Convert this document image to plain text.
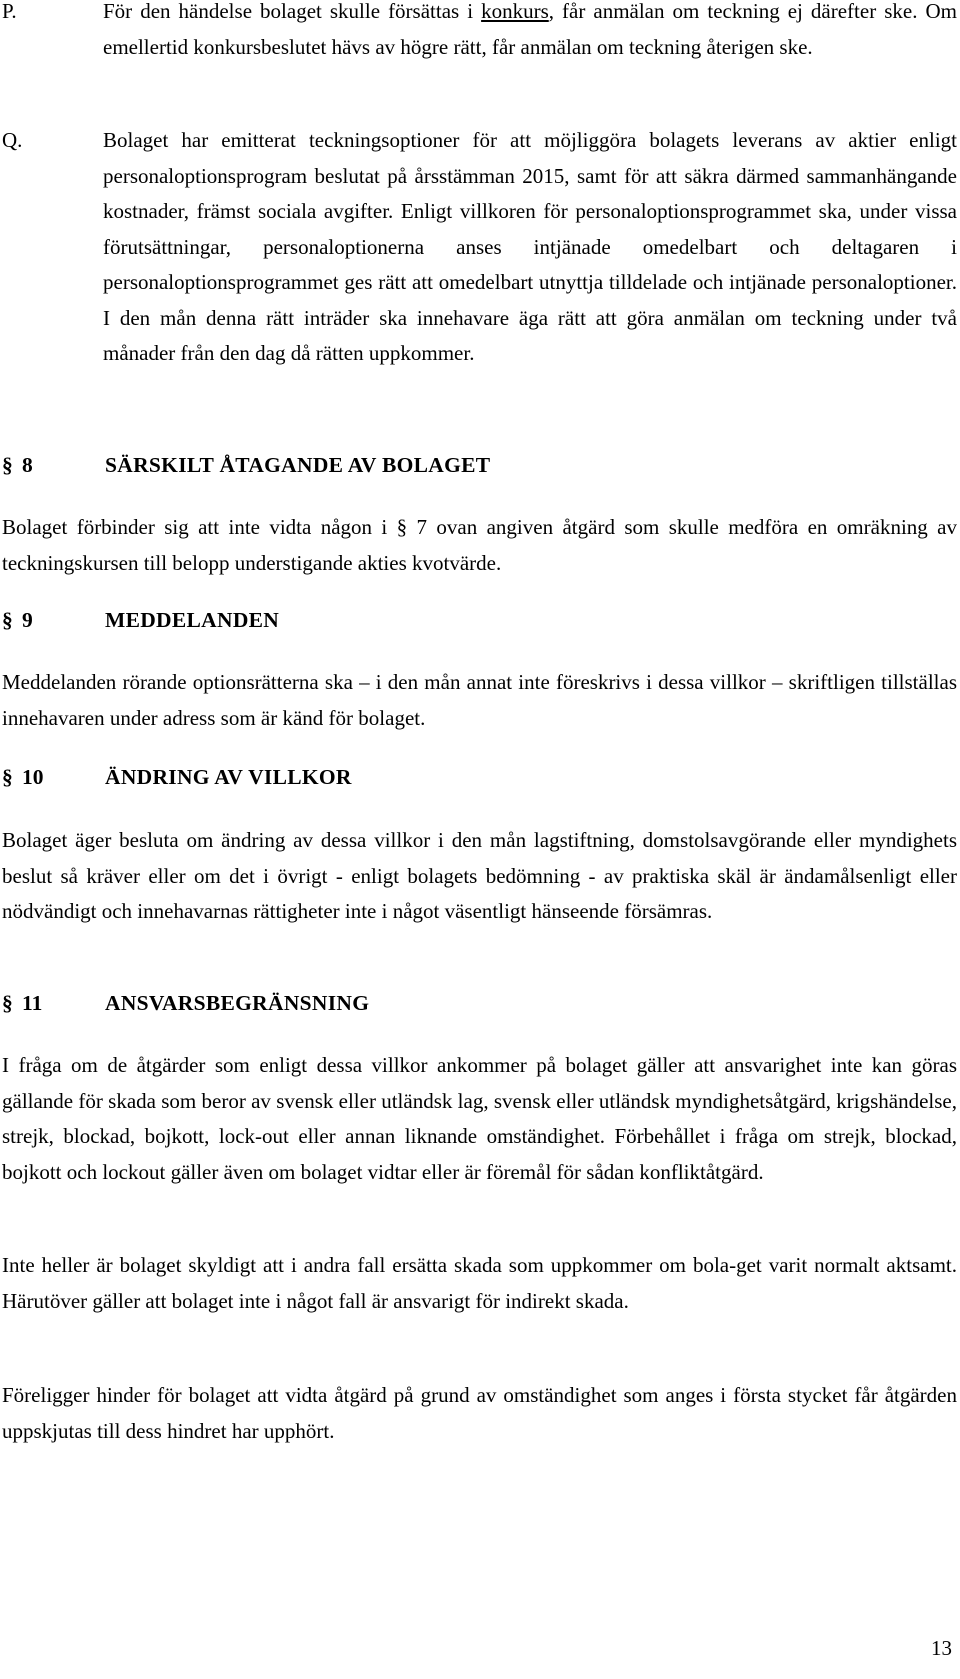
P.	För den händelse bolaget skulle försättas i konkurs, får anmälan om teckning ej därefter ske. Om emellertid konkursbeslutet hävs av högre rätt, får anmälan om teckning återigen ske.
Q.	Bolaget har emitterat teckningsoptioner för att möjliggöra bolagets leverans av aktier enligt personaloptionsprogram beslutat på årsstämman 2015, samt för att säkra därmed sammanhängande kostnader, främst sociala avgifter. Enligt villkoren för personaloptionsprogrammet ska, under vissa förutsättningar, personaloptionerna anses intjänade omedelbart och deltagaren i personaloptionsprogrammet ges rätt att omedelbart utnyttja tilldelade och intjänade personaloptioner. I den mån denna rätt inträder ska innehavare äga rätt att göra anmälan om teckning under två månader från den dag då rätten uppkommer.
§ 8	SÄRSKILT ÅTAGANDE AV BOLAGET
Bolaget förbinder sig att inte vidta någon i § 7 ovan angiven åtgärd som skulle medföra en omräkning av teckningskursen till belopp understigande akties kvotvärde.
§ 9	MEDDELANDEN
Meddelanden rörande optionsrätterna ska – i den mån annat inte föreskrivs i dessa villkor – skriftligen tillställas innehavaren under adress som är känd för bolaget.
§ 10	ÄNDRING AV VILLKOR
Bolaget äger besluta om ändring av dessa villkor i den mån lagstiftning, domstolsavgörande eller myndighets beslut så kräver eller om det i övrigt - enligt bolagets bedömning - av praktiska skäl är ändamålsenligt eller nödvändigt och innehavarnas rättigheter inte i något väsentligt hänseende försämras.
§ 11	ANSVARSBEGRÄNSNING
I fråga om de åtgärder som enligt dessa villkor ankommer på bolaget gäller att ansvarighet inte kan göras gällande för skada som beror av svensk eller utländsk lag, svensk eller utländsk myndighetsåtgärd, krigshändelse, strejk, blockad, bojkott, lock-out eller annan liknande omständighet. Förbehållet i fråga om strejk, blockad, bojkott och lockout gäller även om bolaget vidtar eller är föremål för sådan konfliktåtgärd.
Inte heller är bolaget skyldigt att i andra fall ersätta skada som uppkommer om bola-get varit normalt aktsamt. Härutöver gäller att bolaget inte i något fall är ansvarigt för indirekt skada.
Föreligger hinder för bolaget att vidta åtgärd på grund av omständighet som anges i första stycket får åtgärden uppskjutas till dess hindret har upphört.
13
